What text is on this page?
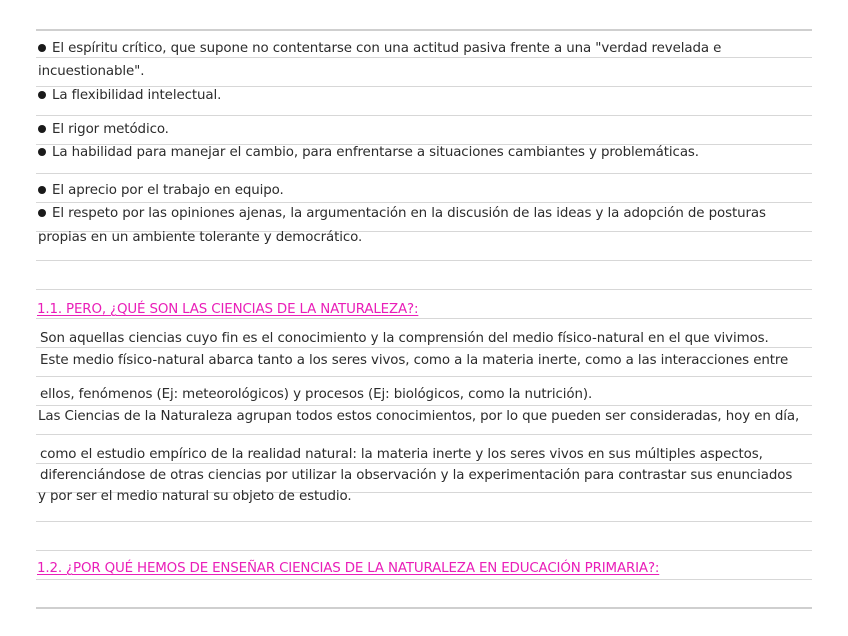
El espíritu crítico, que supone no contentarse con una actitud pasiva frente a una "verdad revelada e
incuestionable".
La flexibilidad intelectual.
El rigor metódico.
La habilidad para manejar el cambio, para enfrentarse a situaciones cambiantes y problemáticas.
El aprecio por el trabajo en equipo.
El respeto por las opiniones ajenas, la argumentación en la discusión de las ideas y la adopción de posturas
propias en un ambiente tolerante y democrático.
1.1. PERO, ¿QUÉ SON LAS CIENCIAS DE LA NATURALEZA?:
Son aquellas ciencias cuyo fin es el conocimiento y la comprensión del medio físico-natural en el que vivimos.
Este medio físico-natural abarca tanto a los seres vivos, como a la materia inerte, como a las interacciones entre
ellos, fenómenos (Ej: meteorológicos) y procesos (Ej: biológicos, como la nutrición).
Las Ciencias de la Naturaleza agrupan todos estos conocimientos, por lo que pueden ser consideradas, hoy en día,
como el estudio empírico de la realidad natural: la materia inerte y los seres vivos en sus múltiples aspectos,
diferenciándose de otras ciencias por utilizar la observación y la experimentación para contrastar sus enunciados
y por ser el medio natural su objeto de estudio.
1.2. ¿POR QUÉ HEMOS DE ENSEÑAR CIENCIAS DE LA NATURALEZA EN EDUCACIÓN PRIMARIA?:
